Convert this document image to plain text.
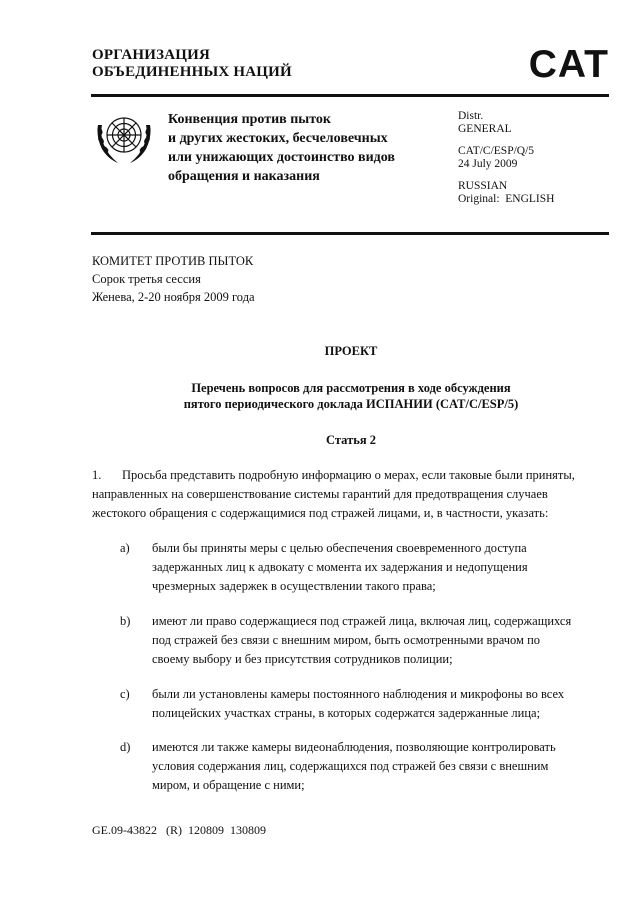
ОРГАНИЗАЦИЯ
ОБЪЕДИНЕННЫХ НАЦИЙ	CAT
Конвенция против пыток
и других жестоких, бесчеловечных
или унижающих достоинство видов
обращения и наказания
Distr.
GENERAL
CAT/C/ESP/Q/5
24 July 2009
RUSSIAN
Original:  ENGLISH
КОМИТЕТ ПРОТИВ ПЫТОК
Сорок третья сессия
Женева, 2-20 ноября 2009 года
ПРОЕКТ
Перечень вопросов для рассмотрения в ходе обсуждения
пятого периодического доклада ИСПАНИИ (CAT/C/ESP/5)
Статья 2
1. Просьба представить подробную информацию о мерах, если таковые были приняты,
направленных на совершенствование системы гарантий для предотвращения случаев
жестокого обращения с содержащимися под стражей лицами, и, в частности, указать:
a) были бы приняты меры с целью обеспечения своевременного доступа
задержанных лиц к адвокату с момента их задержания и недопущения
чрезмерных задержек в осуществлении такого права;
b) имеют ли право содержащиеся под стражей лица, включая лиц, содержащихся
под стражей без связи с внешним миром, быть осмотренными врачом по
своему выбору и без присутствия сотрудников полиции;
c) были ли установлены камеры постоянного наблюдения и микрофоны во всех
полицейских участках страны, в которых содержатся задержанные лица;
d) имеются ли также камеры видеонаблюдения, позволяющие контролировать
условия содержания лиц, содержащихся под стражей без связи с внешним
миром, и обращение с ними;
GE.09-43822   (R)  120809  130809
